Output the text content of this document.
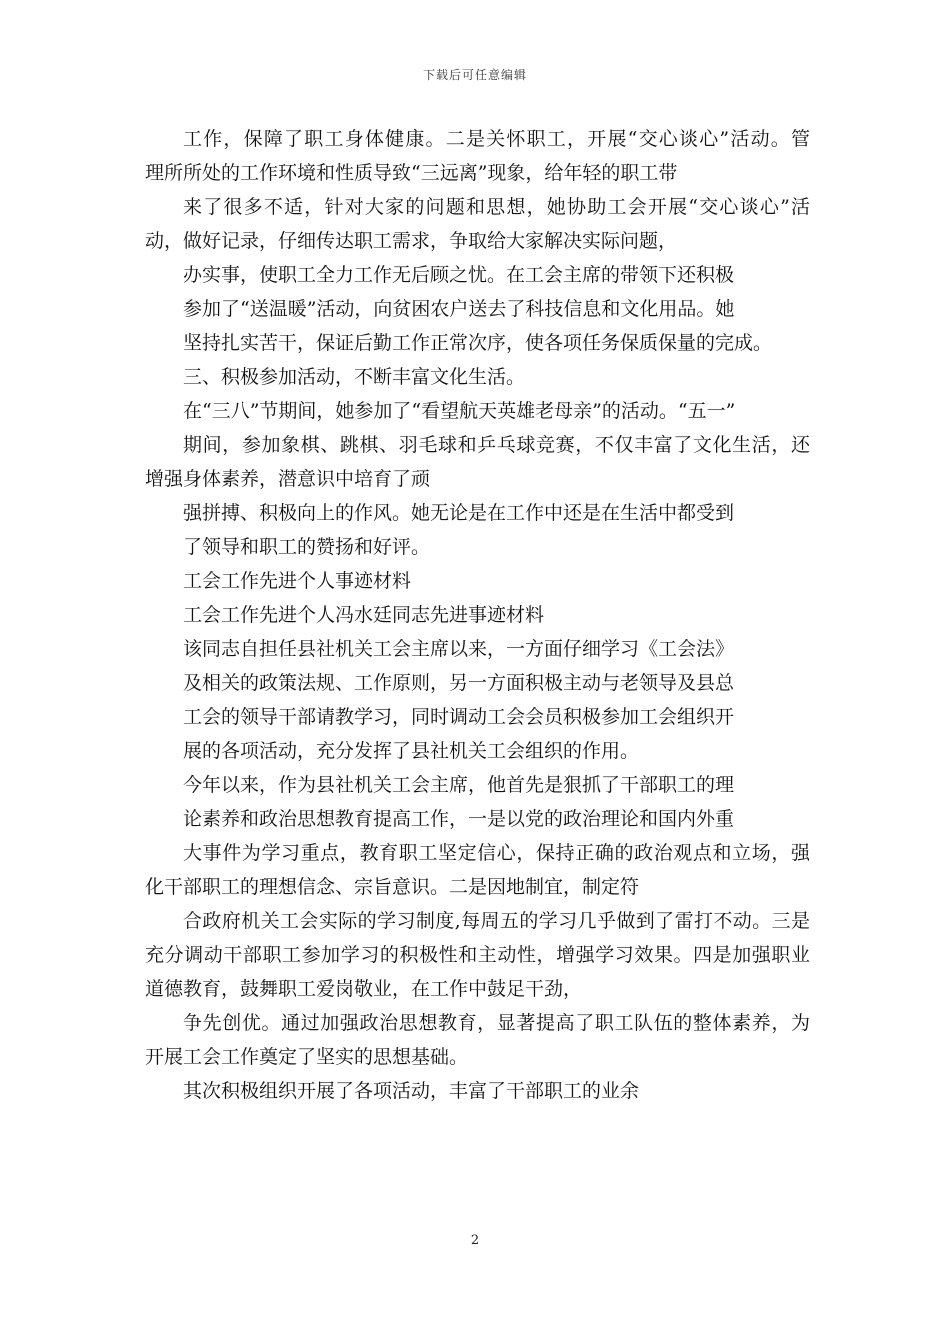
下载后可任意编辑
工作，保障了职工身体健康。二是关怀职工，开展“交心谈心”活动。管
理所所处的工作环境和性质导致“三远离”现象，给年轻的职工带
来了很多不适，针对大家的问题和思想，她协助工会开展“交心谈心”活
动，做好记录，仔细传达职工需求，争取给大家解决实际问题，
办实事，使职工全力工作无后顾之忧。在工会主席的带领下还积极
参加了“送温暖”活动，向贫困农户送去了科技信息和文化用品。她
坚持扎实苦干，保证后勤工作正常次序，使各项任务保质保量的完成。
三、积极参加活动，不断丰富文化生活。
在“三八”节期间，她参加了“看望航天英雄老母亲”的活动。“五一”
期间，参加象棋、跳棋、羽毛球和乒乓球竞赛，不仅丰富了文化生活，还
增强身体素养，潜意识中培育了顽
强拼搏、积极向上的作风。她无论是在工作中还是在生活中都受到
了领导和职工的赞扬和好评。
工会工作先进个人事迹材料
工会工作先进个人冯水廷同志先进事迹材料
该同志自担任县社机关工会主席以来，一方面仔细学习《工会法》
及相关的政策法规、工作原则，另一方面积极主动与老领导及县总
工会的领导干部请教学习，同时调动工会会员积极参加工会组织开
展的各项活动，充分发挥了县社机关工会组织的作用。
今年以来，作为县社机关工会主席，他首先是狠抓了干部职工的理
论素养和政治思想教育提高工作，一是以党的政治理论和国内外重
大事件为学习重点，教育职工坚定信心，保持正确的政治观点和立场，强
化干部职工的理想信念、宗旨意识。二是因地制宜，制定符
合政府机关工会实际的学习制度,每周五的学习几乎做到了雷打不动。三是
充分调动干部职工参加学习的积极性和主动性，增强学习效果。四是加强职业
道德教育，鼓舞职工爱岗敬业，在工作中鼓足干劲，
争先创优。通过加强政治思想教育，显著提高了职工队伍的整体素养，为
开展工会工作奠定了坚实的思想基础。
其次积极组织开展了各项活动，丰富了干部职工的业余
2
